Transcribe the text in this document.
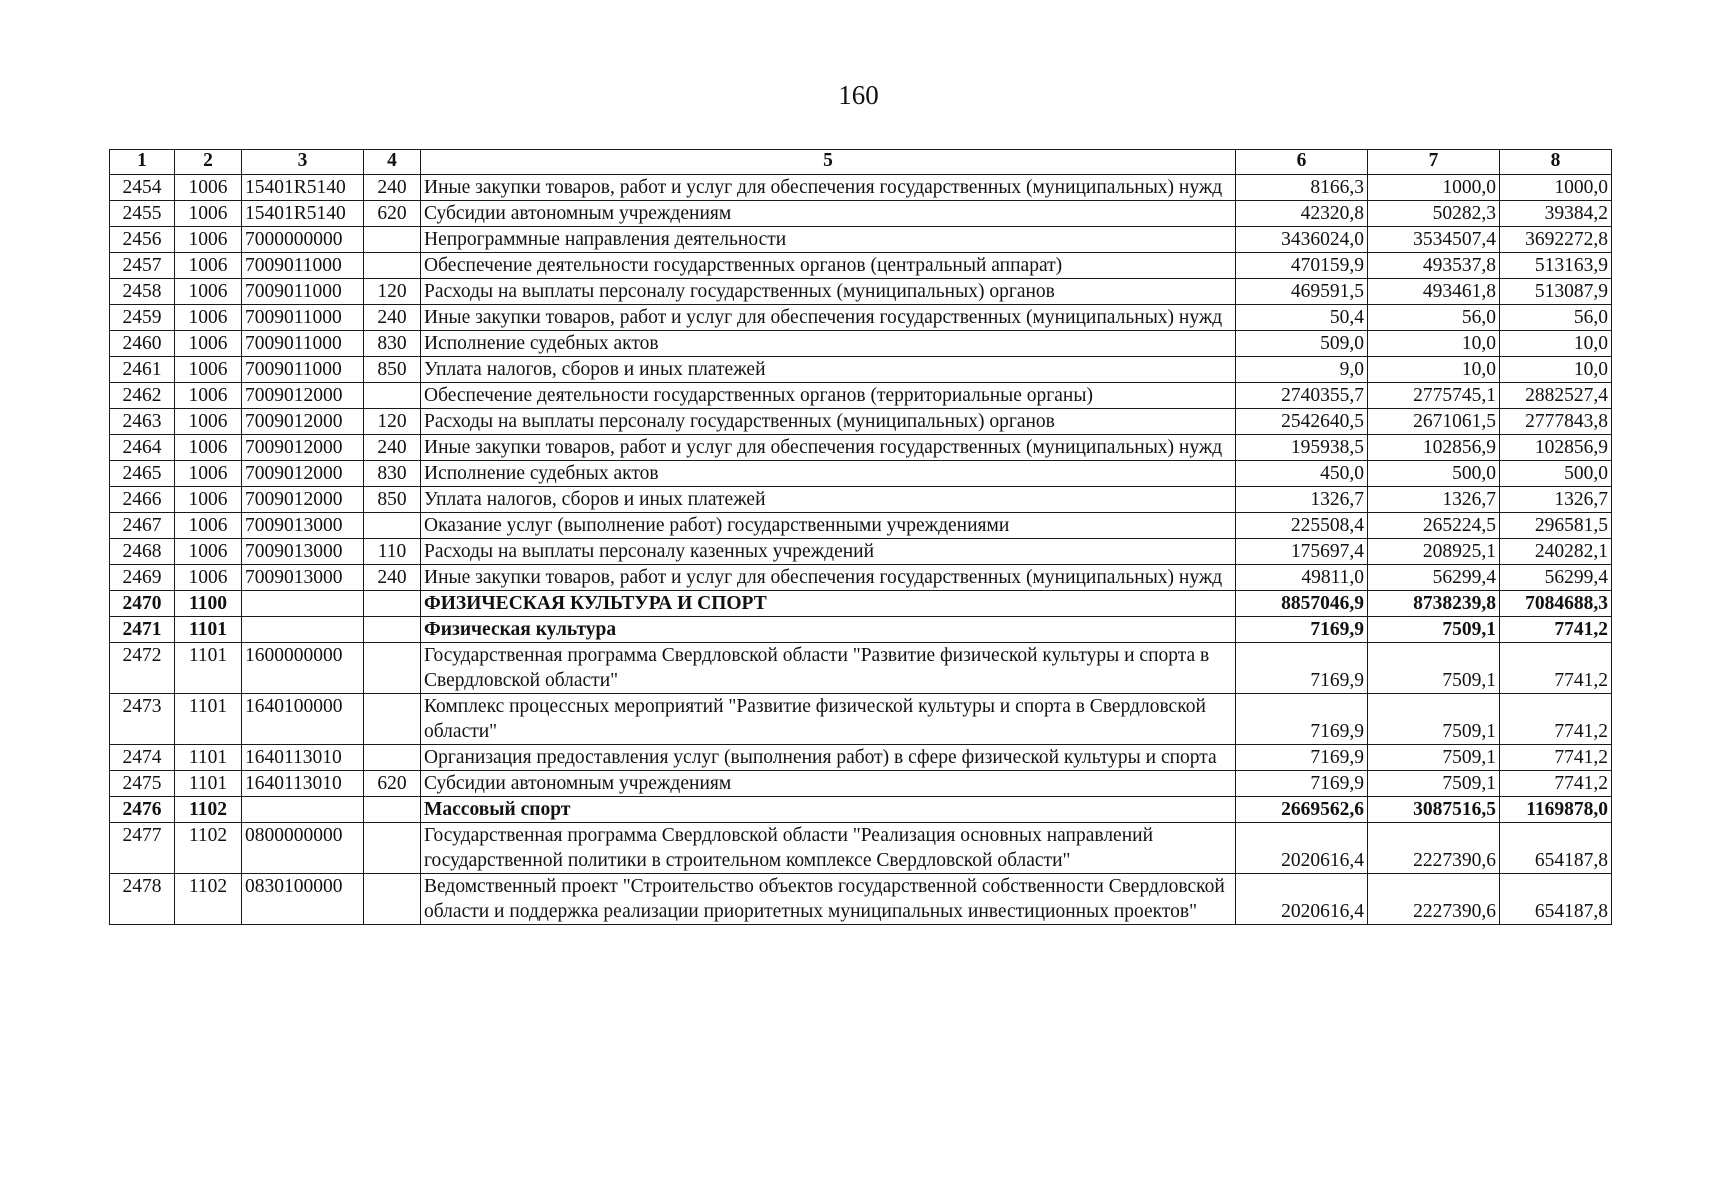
160
1	2	3	4	5	6	7	8
2454	1006	15401R5140	240	Иные закупки товаров, работ и услуг для обеспечения государственных (муниципальных) нужд	8166,3	1000,0	1000,0
2455	1006	15401R5140	620	Субсидии автономным учреждениям	42320,8	50282,3	39384,2
2456	1006	7000000000		Непрограммные направления деятельности	3436024,0	3534507,4	3692272,8
2457	1006	7009011000		Обеспечение деятельности государственных органов (центральный аппарат)	470159,9	493537,8	513163,9
2458	1006	7009011000	120	Расходы на выплаты персоналу государственных (муниципальных) органов	469591,5	493461,8	513087,9
2459	1006	7009011000	240	Иные закупки товаров, работ и услуг для обеспечения государственных (муниципальных) нужд	50,4	56,0	56,0
2460	1006	7009011000	830	Исполнение судебных актов	509,0	10,0	10,0
2461	1006	7009011000	850	Уплата налогов, сборов и иных платежей	9,0	10,0	10,0
2462	1006	7009012000		Обеспечение деятельности государственных органов (территориальные органы)	2740355,7	2775745,1	2882527,4
2463	1006	7009012000	120	Расходы на выплаты персоналу государственных (муниципальных) органов	2542640,5	2671061,5	2777843,8
2464	1006	7009012000	240	Иные закупки товаров, работ и услуг для обеспечения государственных (муниципальных) нужд	195938,5	102856,9	102856,9
2465	1006	7009012000	830	Исполнение судебных актов	450,0	500,0	500,0
2466	1006	7009012000	850	Уплата налогов, сборов и иных платежей	1326,7	1326,7	1326,7
2467	1006	7009013000		Оказание услуг (выполнение работ) государственными учреждениями	225508,4	265224,5	296581,5
2468	1006	7009013000	110	Расходы на выплаты персоналу казенных учреждений	175697,4	208925,1	240282,1
2469	1006	7009013000	240	Иные закупки товаров, работ и услуг для обеспечения государственных (муниципальных) нужд	49811,0	56299,4	56299,4
2470	1100			ФИЗИЧЕСКАЯ КУЛЬТУРА И СПОРТ	8857046,9	8738239,8	7084688,3
2471	1101			Физическая культура	7169,9	7509,1	7741,2
2472	1101	1600000000		Государственная программа Свердловской области "Развитие физической культуры и спорта в Свердловской области"	7169,9	7509,1	7741,2
2473	1101	1640100000		Комплекс процессных мероприятий "Развитие физической культуры и спорта в Свердловской области"	7169,9	7509,1	7741,2
2474	1101	1640113010		Организация предоставления услуг (выполнения работ) в сфере физической культуры и спорта	7169,9	7509,1	7741,2
2475	1101	1640113010	620	Субсидии автономным учреждениям	7169,9	7509,1	7741,2
2476	1102			Массовый спорт	2669562,6	3087516,5	1169878,0
2477	1102	0800000000		Государственная программа Свердловской области "Реализация основных направлений государственной политики в строительном комплексе Свердловской области"	2020616,4	2227390,6	654187,8
2478	1102	0830100000		Ведомственный проект "Строительство объектов государственной собственности Свердловской области и поддержка реализации приоритетных муниципальных инвестиционных проектов"	2020616,4	2227390,6	654187,8
